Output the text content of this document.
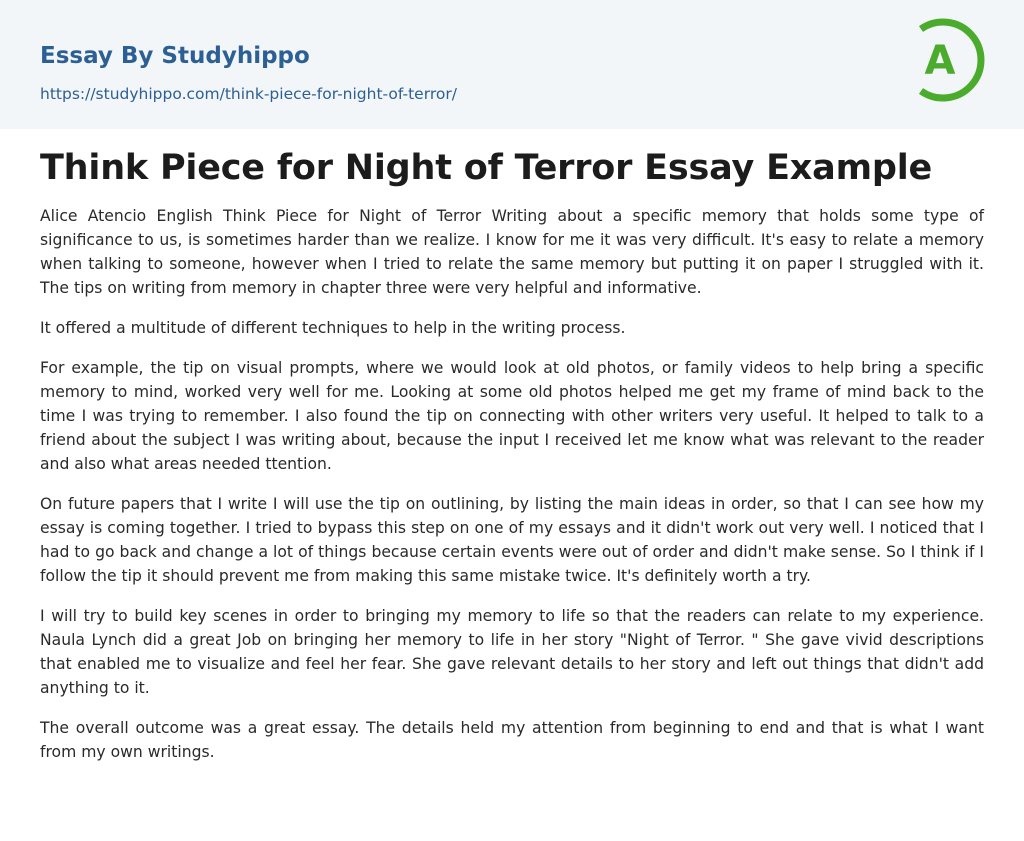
Essay By Studyhippo
https://studyhippo.com/think-piece-for-night-of-terror/
A
Think Piece for Night of Terror Essay Example

Alice Atencio English Think Piece for Night of Terror Writing about a specific memory that holds some type of significance to us, is sometimes harder than we realize. I know for me it was very difficult. It's easy to relate a memory when talking to someone, however when I tried to relate the same memory but putting it on paper I struggled with it. The tips on writing from memory in chapter three were very helpful and informative.

It offered a multitude of different techniques to help in the writing process.

For example, the tip on visual prompts, where we would look at old photos, or family videos to help bring a specific memory to mind, worked very well for me. Looking at some old photos helped me get my frame of mind back to the time I was trying to remember. I also found the tip on connecting with other writers very useful. It helped to talk to a friend about the subject I was writing about, because the input I received let me know what was relevant to the reader and also what areas needed ttention.

On future papers that I write I will use the tip on outlining, by listing the main ideas in order, so that I can see how my essay is coming together. I tried to bypass this step on one of my essays and it didn't work out very well. I noticed that I had to go back and change a lot of things because certain events were out of order and didn't make sense. So I think if I follow the tip it should prevent me from making this same mistake twice. It's definitely worth a try.

I will try to build key scenes in order to bringing my memory to life so that the readers can relate to my experience. Naula Lynch did a great Job on bringing her memory to life in her story "Night of Terror. " She gave vivid descriptions that enabled me to visualize and feel her fear. She gave relevant details to her story and left out things that didn't add anything to it.

The overall outcome was a great essay. The details held my attention from beginning to end and that is what I want from my own writings.
